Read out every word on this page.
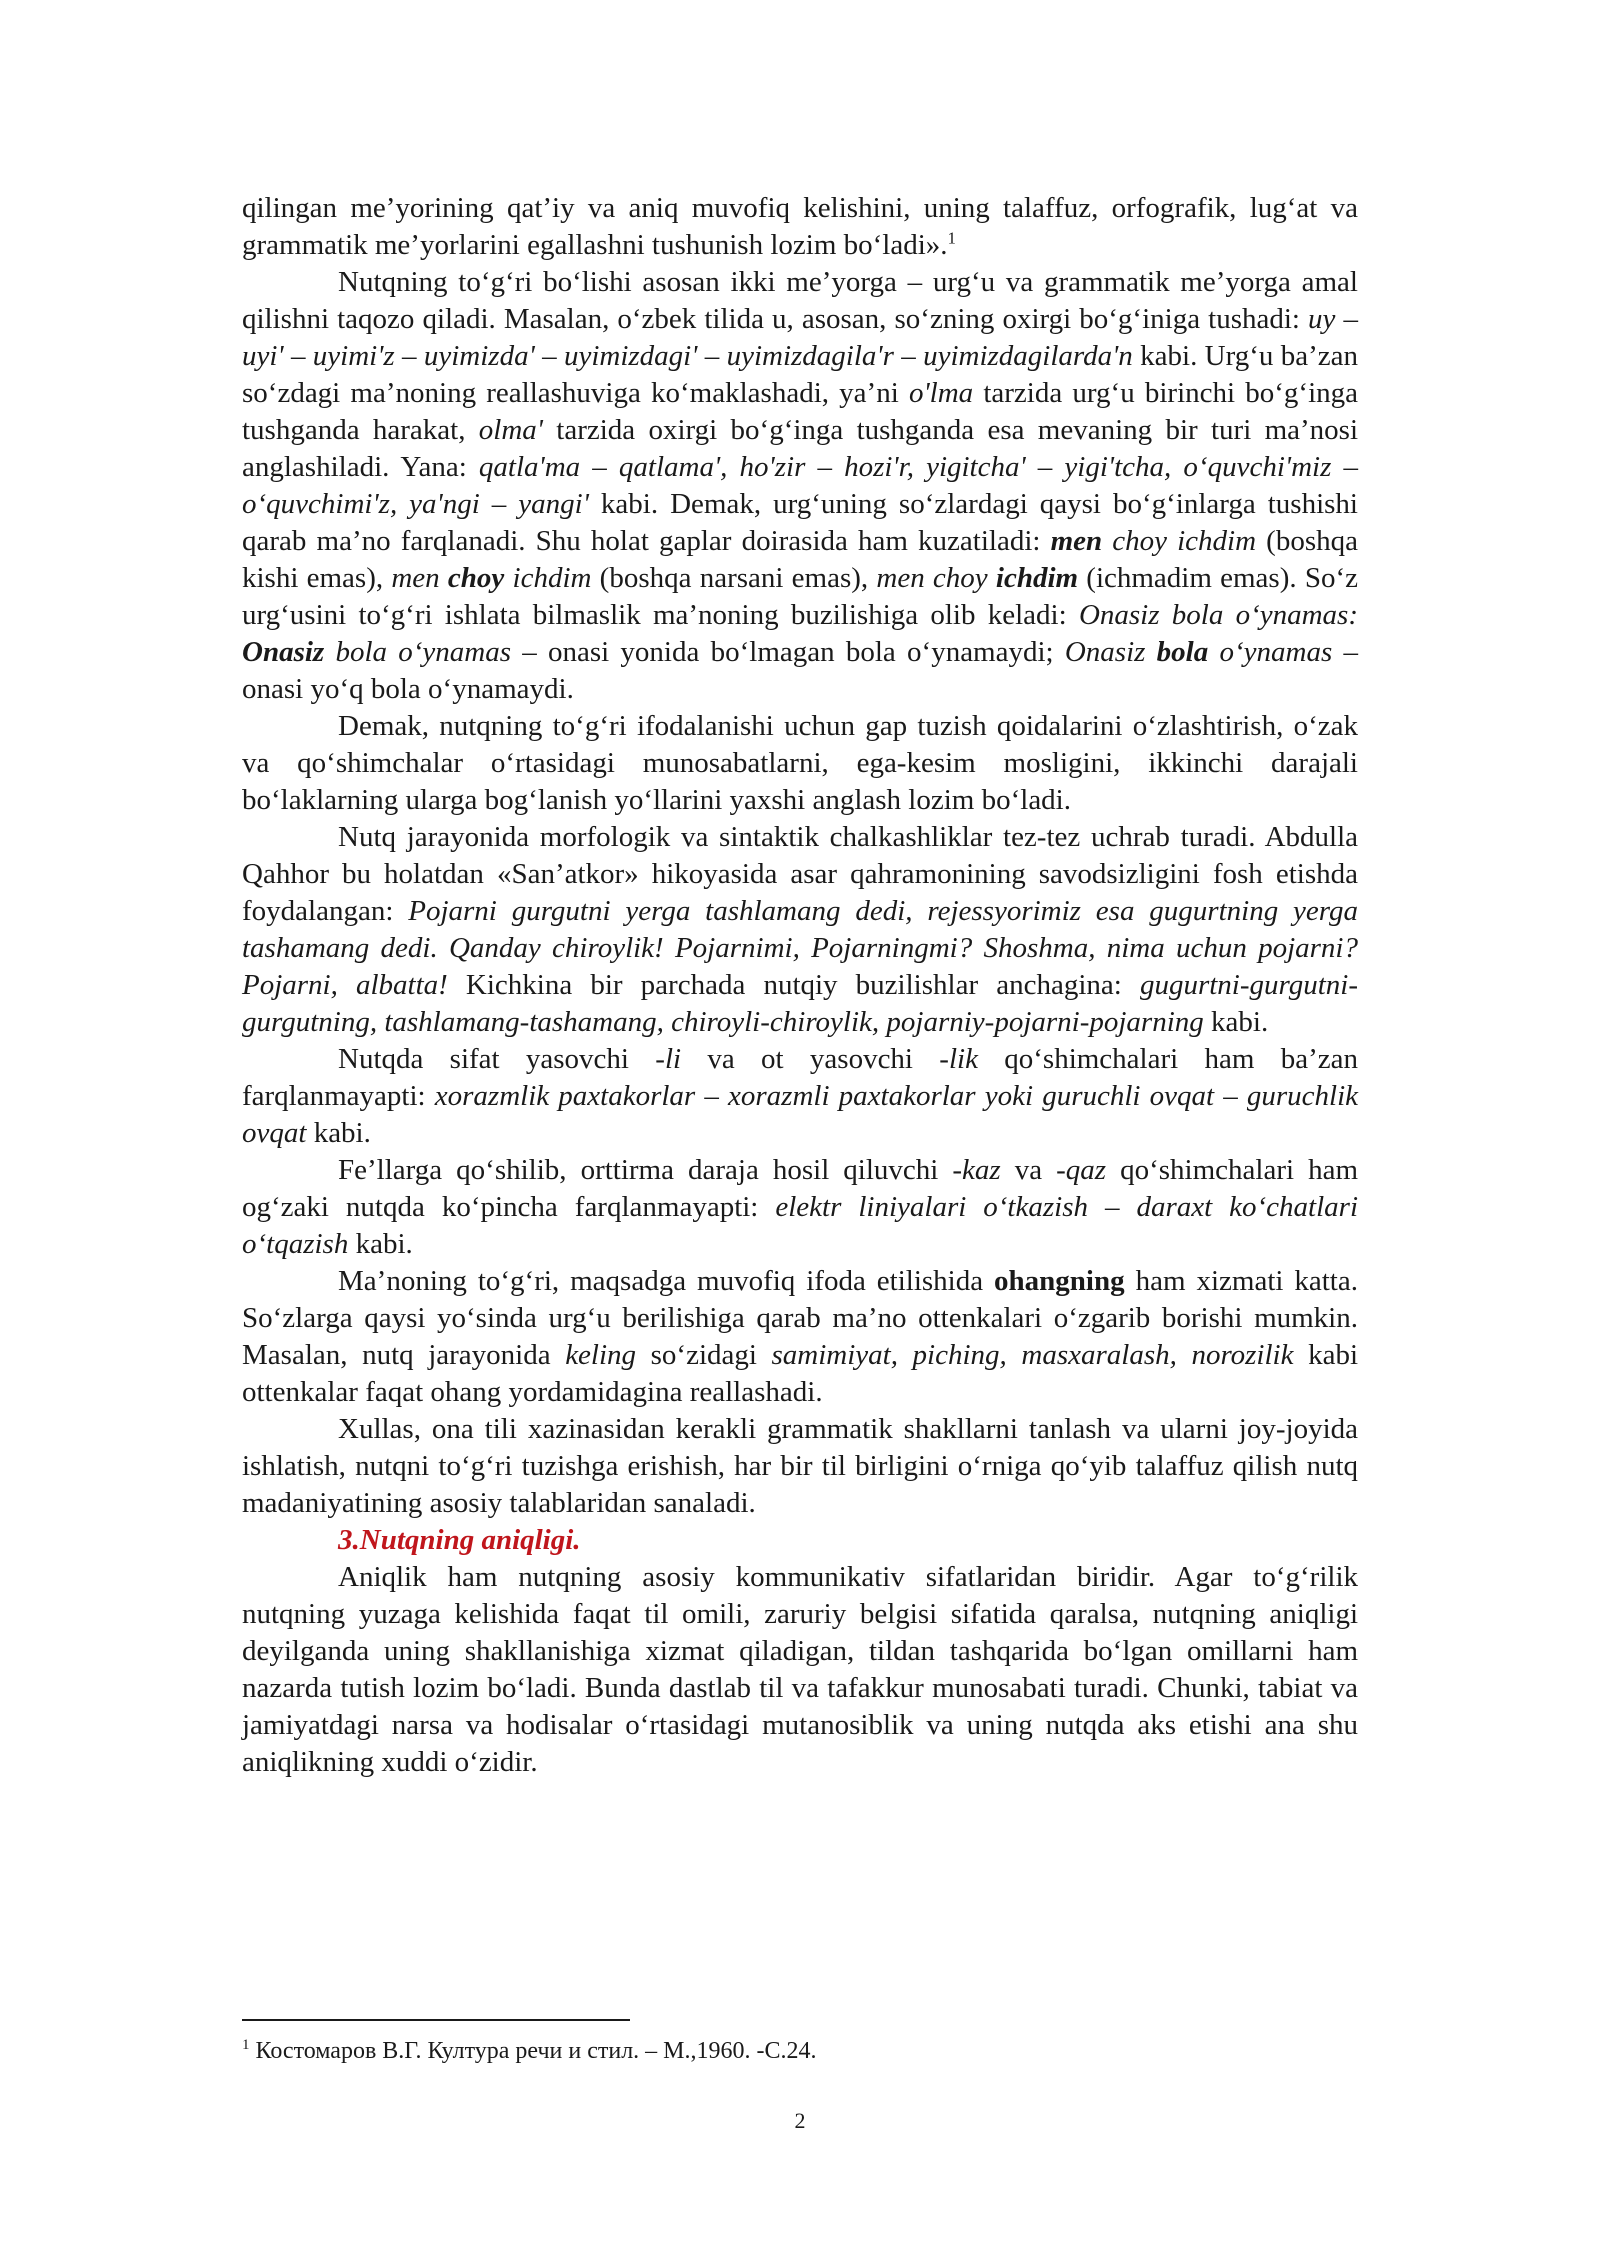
qilingan me’yorining qat’iy va aniq muvofiq kelishini, uning talaffuz, orfografik, lug‘at va grammatik me’yorlarini egallashni tushunish lozim bo‘ladi».$^1$

Nutqning to‘g‘ri bo‘lishi asosan ikki me’yorga – urg‘u va grammatik me’yorga amal qilishni taqozo qiladi. Masalan, o‘zbek tilida u, asosan, so‘zning oxirgi bo‘g‘iniga tushadi: uy – uyi' – uyimi'z – uyimizda' – uyimizdagi' – uyimizdagila'r – uyimizdagilarda'n kabi. Urg‘u ba’zan so‘zdagi ma’noning reallashuviga ko‘maklashadi, ya’ni o'lma tarzida urg‘u birinchi bo‘g‘inga tushganda harakat, olma' tarzida oxirgi bo‘g‘inga tushganda esa mevaning bir turi ma’nosi anglashiladi. Yana: qatla'ma – qatlama', ho'zir – hozi'r, yigitcha' – yigi'tcha, o‘quvchi'miz – o‘quvchimi'z, ya'ngi – yangi' kabi. Demak, urg‘uning so‘zlardagi qaysi bo‘g‘inlarga tushishi qarab ma’no farqlanadi. Shu holat gaplar doirasida ham kuzatiladi: men choy ichdim (boshqa kishi emas), men choy ichdim (boshqa narsani emas), men choy ichdim (ichmadim emas). So‘z urg‘usini to‘g‘ri ishlata bilmaslik ma’noning buzilishiga olib keladi: Onasiz bola o‘ynamas: Onasiz bola o‘ynamas – onasi yonida bo‘lmagan bola o‘ynamaydi; Onasiz bola o‘ynamas – onasi yo‘q bola o‘ynamaydi.

Demak, nutqning to‘g‘ri ifodalanishi uchun gap tuzish qoidalarini o‘zlashtirish, o‘zak va qo‘shimchalar o‘rtasidagi munosabatlarni, ega-kesim mosligini, ikkinchi darajali bo‘laklarning ularga bog‘lanish yo‘llarini yaxshi anglash lozim bo‘ladi.

Nutq jarayonida morfologik va sintaktik chalkashliklar tez-tez uchrab turadi. Abdulla Qahhor bu holatdan «San’atkor» hikoyasida asar qahramonining savodsizligini fosh etishda foydalangan: Pojarni gurgutni yerga tashlamang dedi, rejessyorimiz esa gugurtning yerga tashamang dedi. Qanday chiroylik! Pojarnimi, Pojarningmi? Shoshma, nima uchun pojarni? Pojarni, albatta! Kichkina bir parchada nutqiy buzilishlar anchagina: gugurtni-gurgutni-gurgutning, tashlamang-tashamang, chiroyli-chiroylik, pojarniy-pojarni-pojarning kabi.

Nutqda sifat yasovchi -li va ot yasovchi -lik qo‘shimchalari ham ba’zan farqlanmayapti: xorazmlik paxtakorlar – xorazmli paxtakorlar yoki guruchli ovqat – guruchlik ovqat kabi.

Fe’llarga qo‘shilib, orttirma daraja hosil qiluvchi -kaz va -qaz qo‘shimchalari ham og‘zaki nutqda ko‘pincha farqlanmayapti: elektr liniyalari o‘tkazish – daraxt ko‘chatlari o‘tqazish kabi.

Ma’noning to‘g‘ri, maqsadga muvofiq ifoda etilishida ohangning ham xizmati katta. So‘zlarga qaysi yo‘sinda urg‘u berilishiga qarab ma’no ottenkalari o‘zgarib borishi mumkin. Masalan, nutq jarayonida keling so‘zidagi samimiyat, piching, masxaralash, norozilik kabi ottenkalar faqat ohang yordamidagina reallashadi.

Xullas, ona tili xazinasidan kerakli grammatik shakllarni tanlash va ularni joy-joyida ishlatish, nutqni to‘g‘ri tuzishga erishish, har bir til birligini o‘rniga qo‘yib talaffuz qilish nutq madaniyatining asosiy talablaridan sanaladi.

3.Nutqning aniqligi.

Aniqlik ham nutqning asosiy kommunikativ sifatlaridan biridir. Agar to‘g‘rilik nutqning yuzaga kelishida faqat til omili, zaruriy belgisi sifatida qaralsa, nutqning aniqligi deyilganda uning shakllanishiga xizmat qiladigan, tildan tashqarida bo‘lgan omillarni ham nazarda tutish lozim bo‘ladi. Bunda dastlab til va tafakkur munosabati turadi. Chunki, tabiat va jamiyatdagi narsa va hodisalar o‘rtasidagi mutanosiblik va uning nutqda aks etishi ana shu aniqlikning xuddi o‘zidir.

$^1$ Костомаров В.Г. Култура речи и стил. – М.,1960. -С.24.
2
